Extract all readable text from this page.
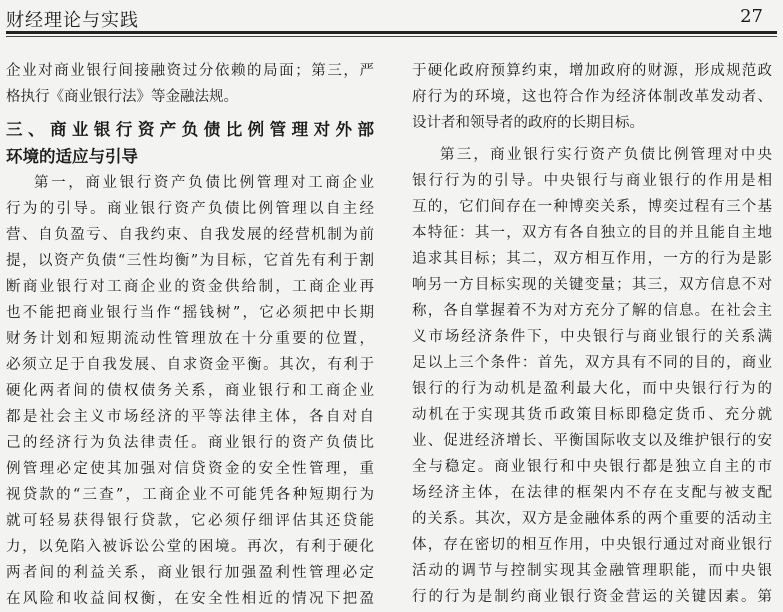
财经理论与实践	27
企业对商业银行间接融资过分依赖的局面；第三，严
格执行《商业银行法》等金融法规。
三、商业银行资产负债比例管理对外部
环境的适应与引导
第一，商业银行资产负债比例管理对工商企业
行为的引导。商业银行资产负债比例管理以自主经
营、自负盈亏、自我约束、自我发展的经营机制为前
提，以资产负债“三性均衡”为目标，它首先有利于割
断商业银行对工商企业的资金供给制，工商企业再
也不能把商业银行当作“摇钱树”，它必须把中长期
财务计划和短期流动性管理放在十分重要的位置，
必须立足于自我发展、自求资金平衡。其次，有利于
硬化两者间的债权债务关系，商业银行和工商企业
都是社会主义市场经济的平等法律主体，各自对自
己的经济行为负法律责任。商业银行的资产负债比
例管理必定使其加强对信贷资金的安全性管理，重
视贷款的“三查”，工商企业不可能凭各种短期行为
就可轻易获得银行贷款，它必须仔细评估其还贷能
力，以免陷入被诉讼公堂的困境。再次，有利于硬化
两者间的利益关系，商业银行加强盈利性管理必定
在风险和收益间权衡，在安全性相近的情况下把盈
于硬化政府预算约束，增加政府的财源，形成规范政
府行为的环境，这也符合作为经济体制改革发动者、
设计者和领导者的政府的长期目标。
第三，商业银行实行资产负债比例管理对中央
银行行为的引导。中央银行与商业银行的作用是相
互的，它们间存在一种博奕关系，博奕过程有三个基
本特征：其一，双方有各自独立的目的并且能自主地
追求其目标；其二，双方相互作用，一方的行为是影
响另一方目标实现的关键变量；其三，双方信息不对
称，各自掌握着不为对方充分了解的信息。在社会主
义市场经济条件下，中央银行与商业银行的关系满
足以上三个条件：首先，双方具有不同的目的，商业
银行的行为动机是盈利最大化，而中央银行行为的
动机在于实现其货币政策目标即稳定货币、充分就
业、促进经济增长、平衡国际收支以及维护银行的安
全与稳定。商业银行和中央银行都是独立自主的市
场经济主体，在法律的框架内不存在支配与被支配
的关系。其次，双方是金融体系的两个重要的活动主
体，存在密切的相互作用，中央银行通过对商业银行
活动的调节与控制实现其金融管理职能，而中央银
行的行为是制约商业银行资金营运的关键因素。第
